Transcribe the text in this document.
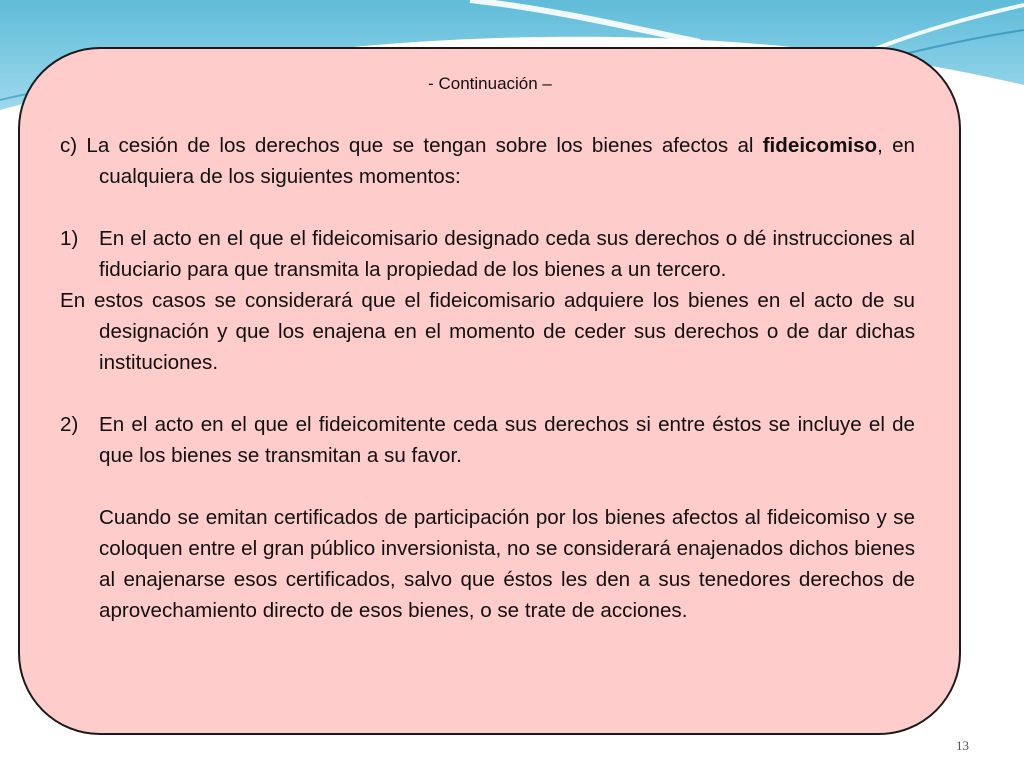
- Continuación –

c) La cesión de los derechos que se tengan sobre los bienes afectos al fideicomiso, en cualquiera de los siguientes momentos:

1) En el acto en el que el fideicomisario designado ceda sus derechos o dé instrucciones al fiduciario para que transmita la propiedad de los bienes a un tercero.

En estos casos se considerará que el fideicomisario adquiere los bienes en el acto de su designación y que los enajena en el momento de ceder sus derechos o de dar dichas instituciones.

2) En el acto en el que el fideicomitente ceda sus derechos si entre éstos se incluye el de que los bienes se transmitan a su favor.

Cuando se emitan certificados de participación por los bienes afectos al fideicomiso y se coloquen entre el gran público inversionista, no se considerará enajenados dichos bienes al enajenarse esos certificados, salvo que éstos les den a sus tenedores derechos de aprovechamiento directo de esos bienes, o se trate de acciones.

13
